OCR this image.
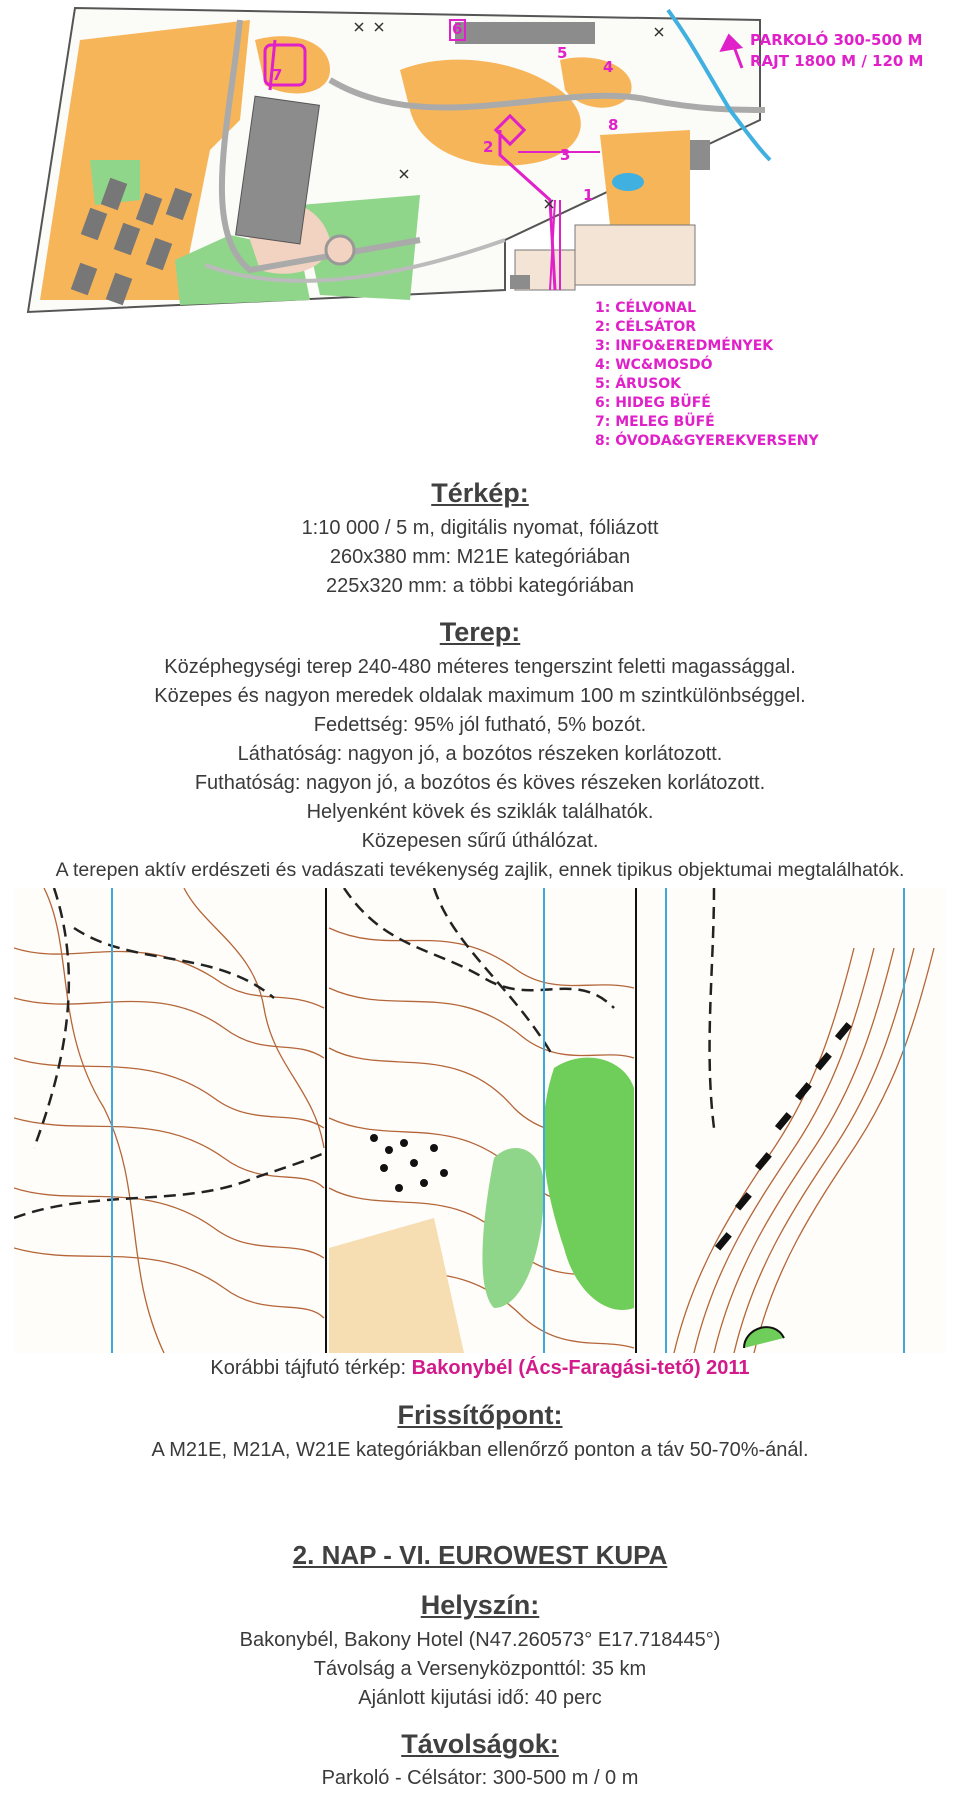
1
2	3
4
5
6
7
8
PARKOLÓ 300-500 M
RAJT 1800 M / 120 M
1: CÉLVONAL
2: CÉLSÁTOR
3: INFO&EREDMÉNYEK
4: WC&MOSDÓ
5: ÁRUSOK
6: HIDEG BÜFÉ
7: MELEG BÜFÉ
8: ÓVODA&GYEREKVERSENY
Térkép:
1:10 000 / 5 m, digitális nyomat, fóliázott
260x380 mm: M21E kategóriában
225x320 mm: a többi kategóriában
Terep:
Középhegységi terep 240-480 méteres tengerszint feletti magassággal.
Közepes és nagyon meredek oldalak maximum 100 m szintkülönbséggel.
Fedettség: 95% jól futható, 5% bozót.
Láthatóság: nagyon jó, a bozótos részeken korlátozott.
Futhatóság: nagyon jó, a bozótos és köves részeken korlátozott.
Helyenként kövek és sziklák találhatók.
Közepesen sűrű úthálózat.
A terepen aktív erdészeti és vadászati tevékenység zajlik, ennek tipikus objektumai megtalálhatók.
Korábbi tájfutó térkép: Bakonybél (Ács-Faragási-tető) 2011
Frissítőpont:
A M21E, M21A, W21E kategóriákban ellenőrző ponton a táv 50-70%-ánál.
2. NAP - VI. EUROWEST KUPA
Helyszín:
Bakonybél, Bakony Hotel (N47.260573° E17.718445°)
Távolság a Versenyközponttól: 35 km
Ajánlott kijutási idő: 40 perc
Távolságok:
Parkoló - Célsátor: 300-500 m / 0 m
